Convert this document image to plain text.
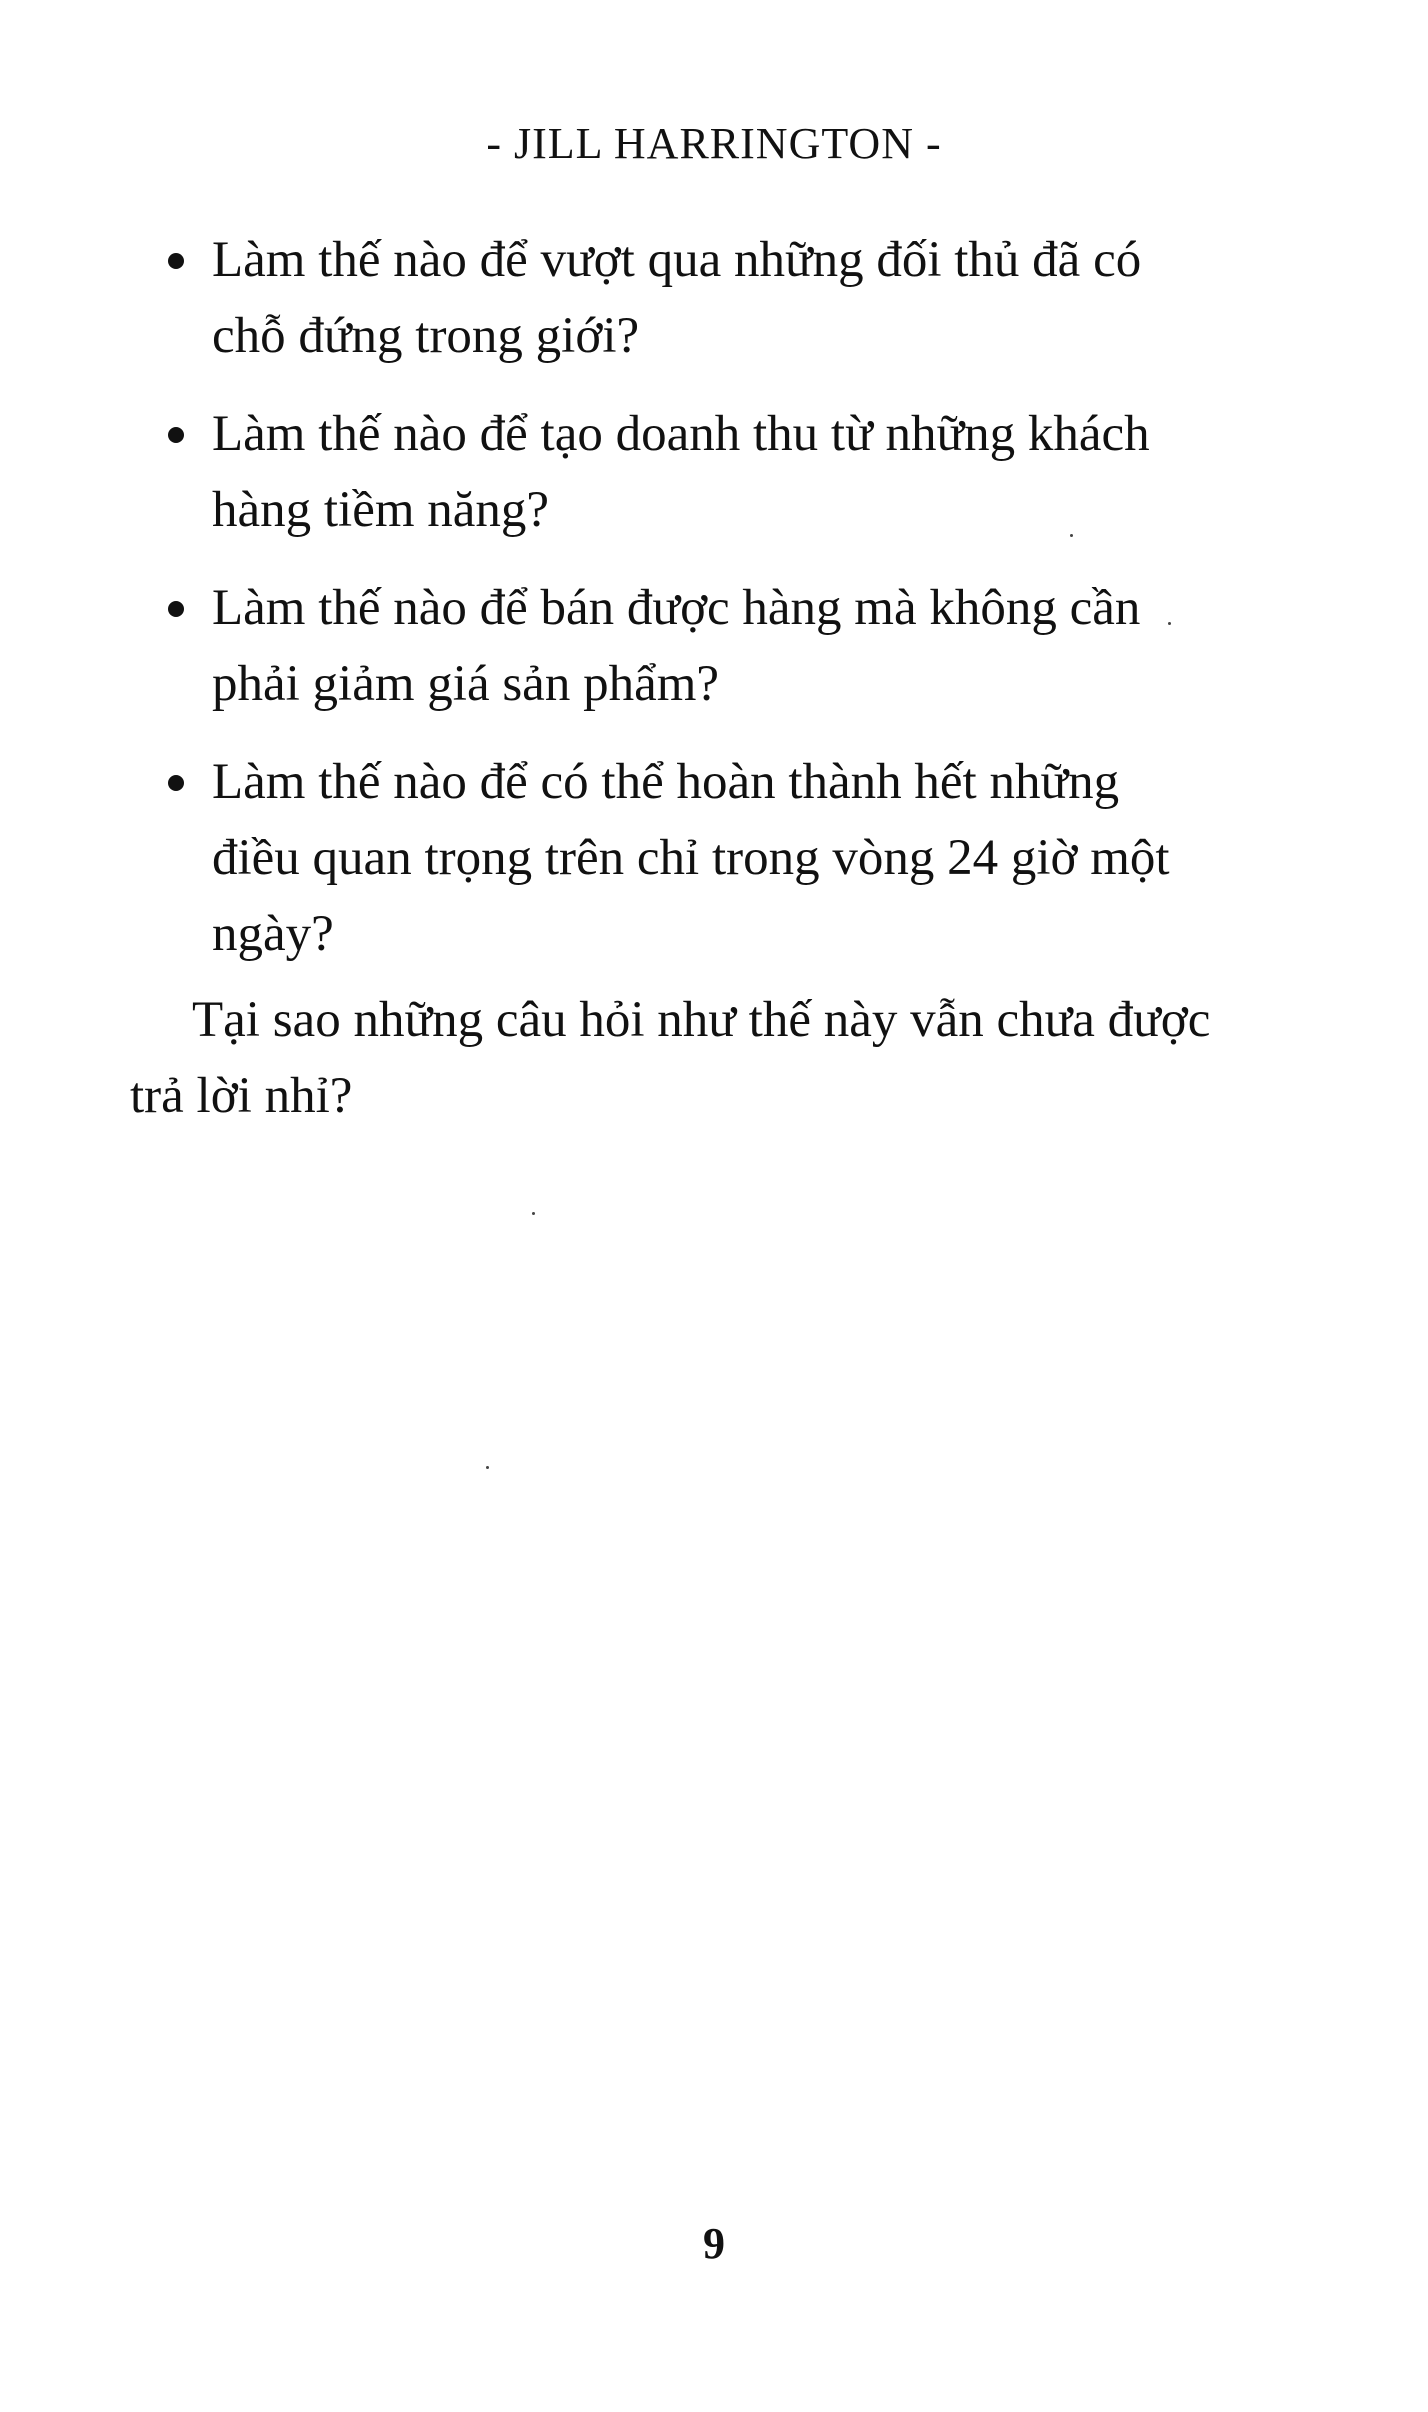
- JILL HARRINGTON -
Làm thế nào để vượt qua những đối thủ đã có chỗ đứng trong giới?
Làm thế nào để tạo doanh thu từ những khách hàng tiềm năng?
Làm thế nào để bán được hàng mà không cần phải giảm giá sản phẩm?
Làm thế nào để có thể hoàn thành hết những điều quan trọng trên chỉ trong vòng 24 giờ một ngày?

Tại sao những câu hỏi như thế này vẫn chưa được trả lời nhỉ?

9
